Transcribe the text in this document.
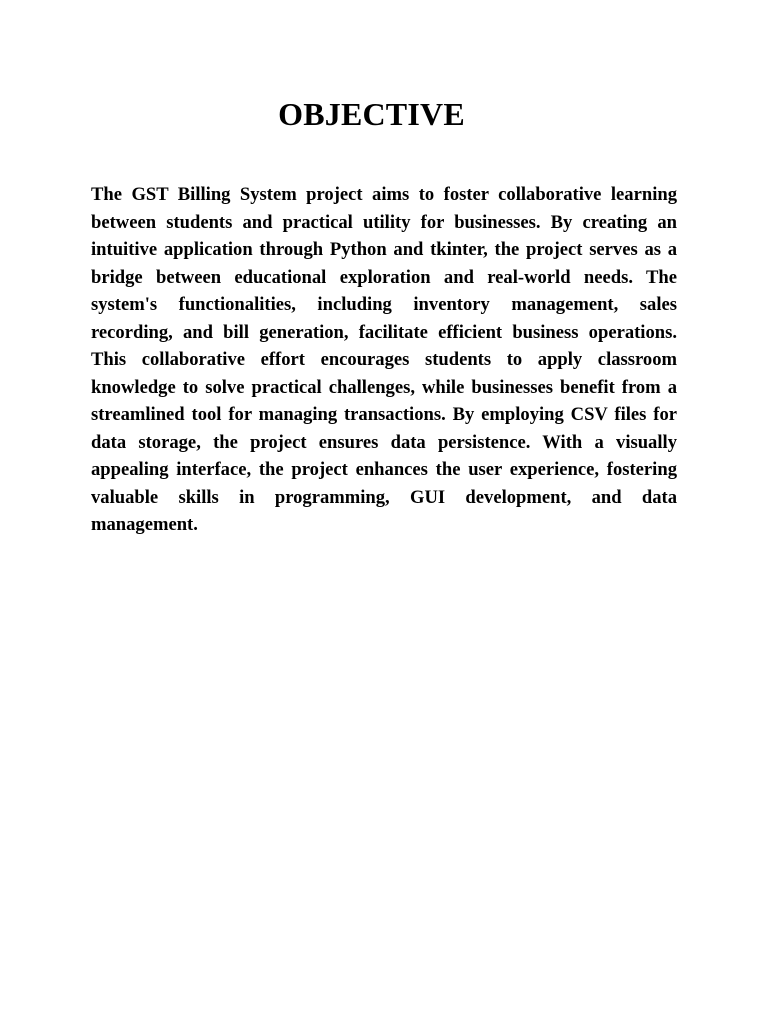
OBJECTIVE

The GST Billing System project aims to foster collaborative learning between students and practical utility for businesses. By creating an intuitive application through Python and tkinter, the project serves as a bridge between educational exploration and real-world needs. The system's functionalities, including inventory management, sales recording, and bill generation, facilitate efficient business operations. This collaborative effort encourages students to apply classroom knowledge to solve practical challenges, while businesses benefit from a streamlined tool for managing transactions. By employing CSV files for data storage, the project ensures data persistence. With a visually appealing interface, the project enhances the user experience, fostering valuable skills in programming, GUI development, and data management.
